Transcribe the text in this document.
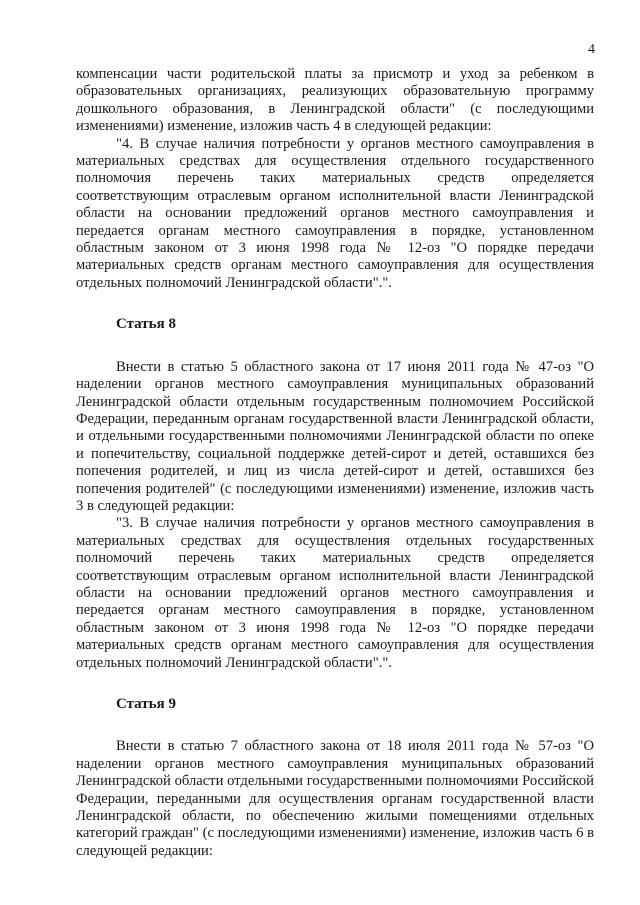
4

компенсации части родительской платы за присмотр и уход за ребенком в образовательных организациях, реализующих образовательную программу дошкольного образования, в Ленинградской области" (с последующими изменениями) изменение, изложив часть 4 в следующей редакции:

"4. В случае наличия потребности у органов местного самоуправления в материальных средствах для осуществления отдельного государственного полномочия перечень таких материальных средств определяется соответствующим отраслевым органом исполнительной власти Ленинградской области на основании предложений органов местного самоуправления и передается органам местного самоуправления в порядке, установленном областным законом от 3 июня 1998 года № 12-оз "О порядке передачи материальных средств органам местного самоуправления для осуществления отдельных полномочий Ленинградской области".".

Статья 8

Внести в статью 5 областного закона от 17 июня 2011 года № 47-оз "О наделении органов местного самоуправления муниципальных образований Ленинградской области отдельным государственным полномочием Российской Федерации, переданным органам государственной власти Ленинградской области, и отдельными государственными полномочиями Ленинградской области по опеке и попечительству, социальной поддержке детей-сирот и детей, оставшихся без попечения родителей, и лиц из числа детей-сирот и детей, оставшихся без попечения родителей" (с последующими изменениями) изменение, изложив часть 3 в следующей редакции:

"3. В случае наличия потребности у органов местного самоуправления в материальных средствах для осуществления отдельных государственных полномочий перечень таких материальных средств определяется соответствующим отраслевым органом исполнительной власти Ленинградской области на основании предложений органов местного самоуправления и передается органам местного самоуправления в порядке, установленном областным законом от 3 июня 1998 года № 12-оз "О порядке передачи материальных средств органам местного самоуправления для осуществления отдельных полномочий Ленинградской области".".

Статья 9

Внести в статью 7 областного закона от 18 июля 2011 года № 57-оз "О наделении органов местного самоуправления муниципальных образований Ленинградской области отдельными государственными полномочиями Российской Федерации, переданными для осуществления органам государственной власти Ленинградской области, по обеспечению жилыми помещениями отдельных категорий граждан" (с последующими изменениями) изменение, изложив часть 6 в следующей редакции:
